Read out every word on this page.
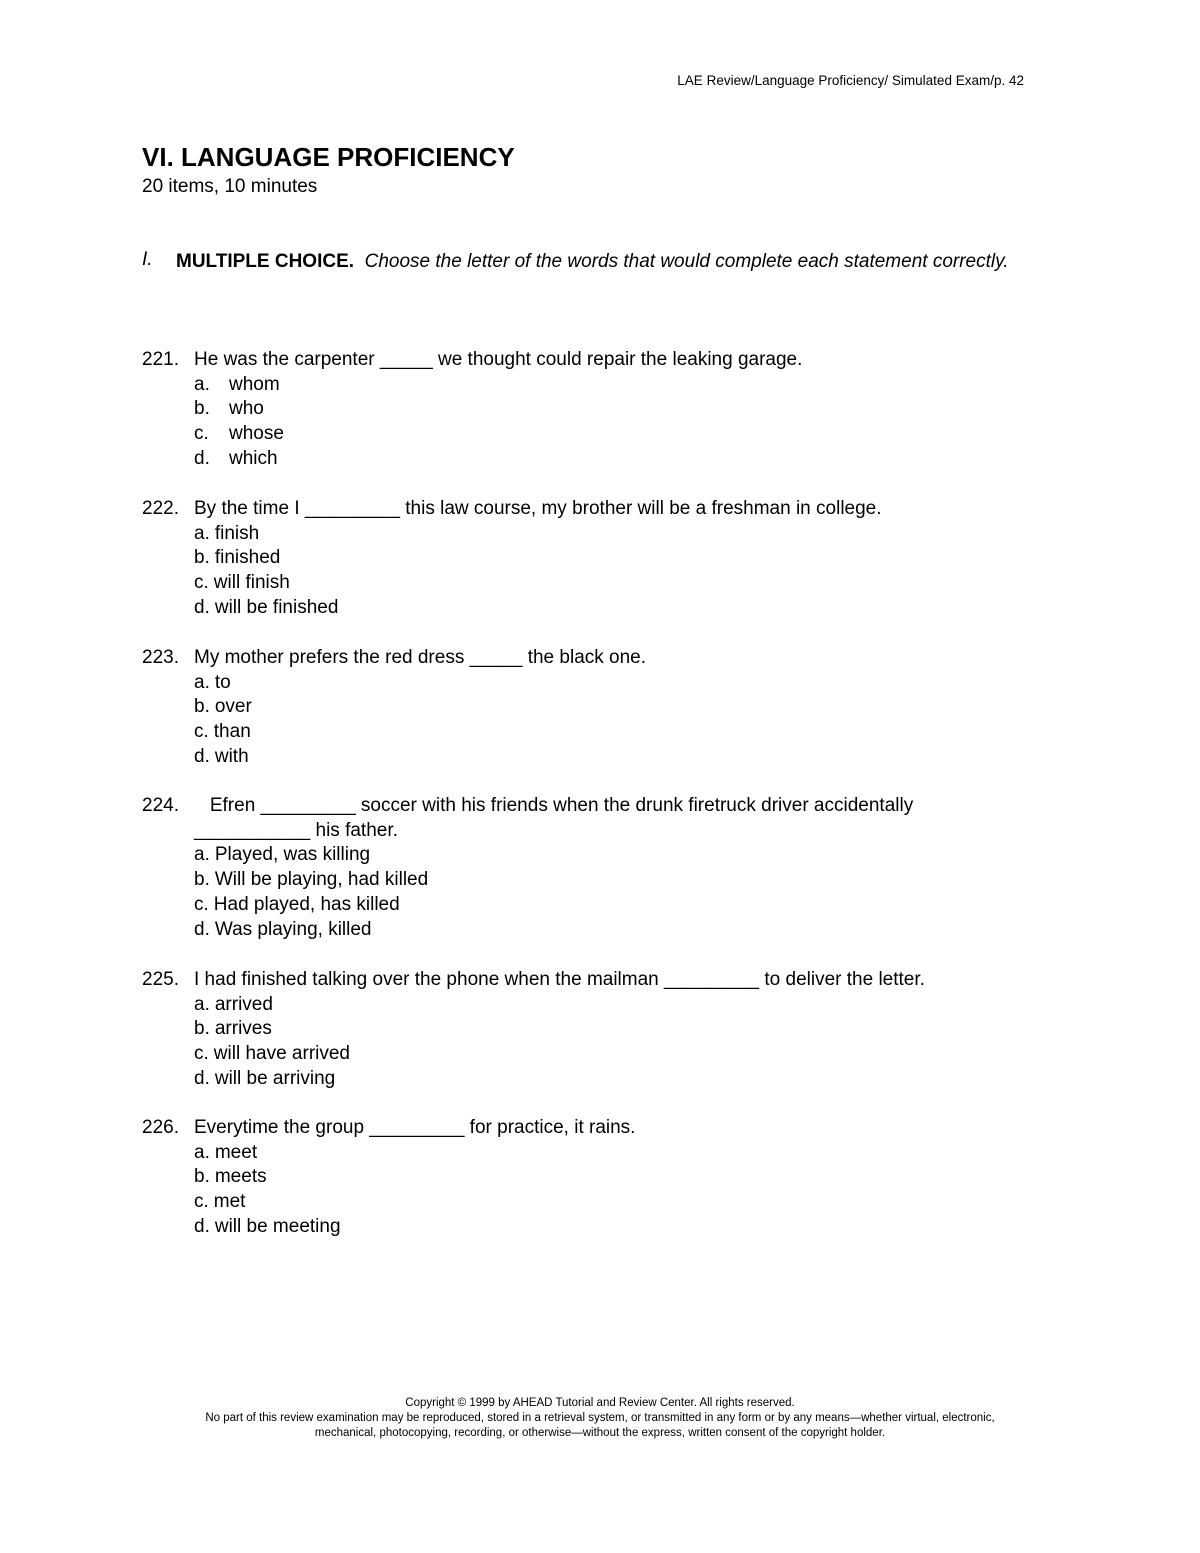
LAE Review/Language Proficiency/ Simulated Exam/p. 42
VI. LANGUAGE PROFICIENCY
20 items, 10 minutes
I. MULTIPLE CHOICE. Choose the letter of the words that would complete each statement correctly.
221. He was the carpenter _____ we thought could repair the leaking garage.
a. whom
b. who
c. whose
d. which
222. By the time I _________ this law course, my brother will be a freshman in college.
a. finish
b. finished
c. will finish
d. will be finished
223. My mother prefers the red dress _____ the black one.
a. to
b. over
c. than
d. with
224.	Efren _________ soccer with his friends when the drunk firetruck driver accidentally ___________ his father.
a. Played, was killing
b. Will be playing, had killed
c. Had played, has killed
d. Was playing, killed
225. I had finished talking over the phone when the mailman _________ to deliver the letter.
a. arrived
b. arrives
c. will have arrived
d. will be arriving
226. Everytime the group _________ for practice, it rains.
a. meet
b. meets
c. met
d. will be meeting
Copyright © 1999 by AHEAD Tutorial and Review Center. All rights reserved.
No part of this review examination may be reproduced, stored in a retrieval system, or transmitted in any form or by any means—whether virtual, electronic,
mechanical, photocopying, recording, or otherwise—without the express, written consent of the copyright holder.
